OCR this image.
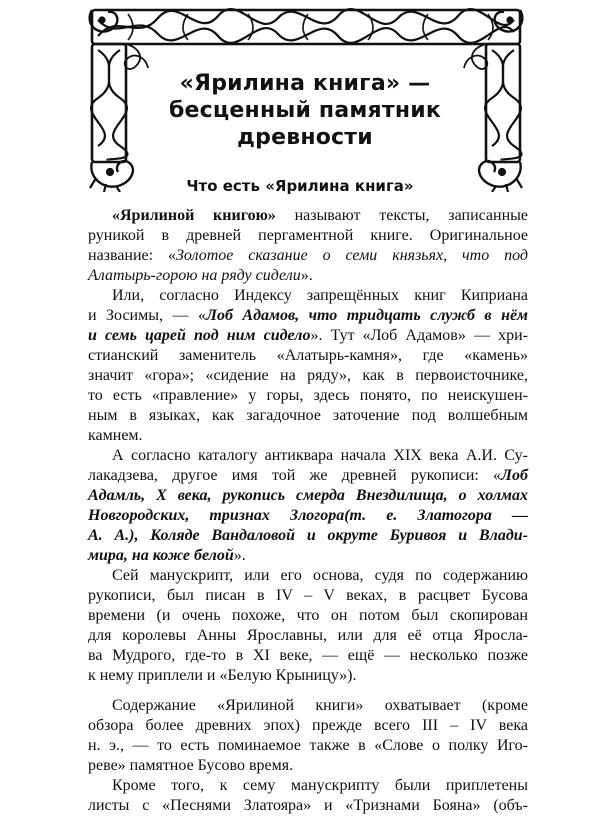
«Ярилина книга» —
бесценный памятник
древности
Что есть «Ярилина книга»
«Ярилиной книгою» называют тексты, записанные
руникой в древней пергаментной книге. Оригинальное
название: «Золотое сказание о семи князьях, что под
Алатырь-горою на ряду сидели».
Или, согласно Индексу запрещённых книг Киприана
и Зосимы, — «Лоб Адамов, что тридцать служб в нём
и семь царей под ним сидело». Тут «Лоб Адамов» — хри-
стианский заменитель «Алатырь-камня», где «камень»
значит «гора»; «сидение на ряду», как в первоисточнике,
то есть «правление» у горы, здесь понято, по неискушен-
ным в языках, как загадочное заточение под волшебным
камнем.
А согласно каталогу антиквара начала XIX века А.И. Су-
лакадзева, другое имя той же древней рукописи: «Лоб
Адамль, X века, рукопись смерда Внездилища, о холмах
Новгородских, тризнах Злогора(т. е. Златогора —
А. А.), Коляде Вандаловой и окруте Буривоя и Влади-
мира, на коже белой».
Сей манускрипт, или его основа, судя по содержанию
рукописи, был писан в IV – V веках, в расцвет Бусова
времени (и очень похоже, что он потом был скопирован
для королевы Анны Ярославны, или для её отца Яросла-
ва Мудрого, где-то в XI веке, — ещё — несколько позже
к нему приплели и «Белую Крыницу»).
Содержание «Ярилиной книги» охватывает (кроме
обзора более древних эпох) прежде всего III – IV века
н. э., — то есть поминаемое также в «Слове о полку Иго-
реве» памятное Бусово время.
Кроме того, к сему манускрипту были приплетены
листы с «Песнями Златояра» и «Тризнами Бояна» (объ-
